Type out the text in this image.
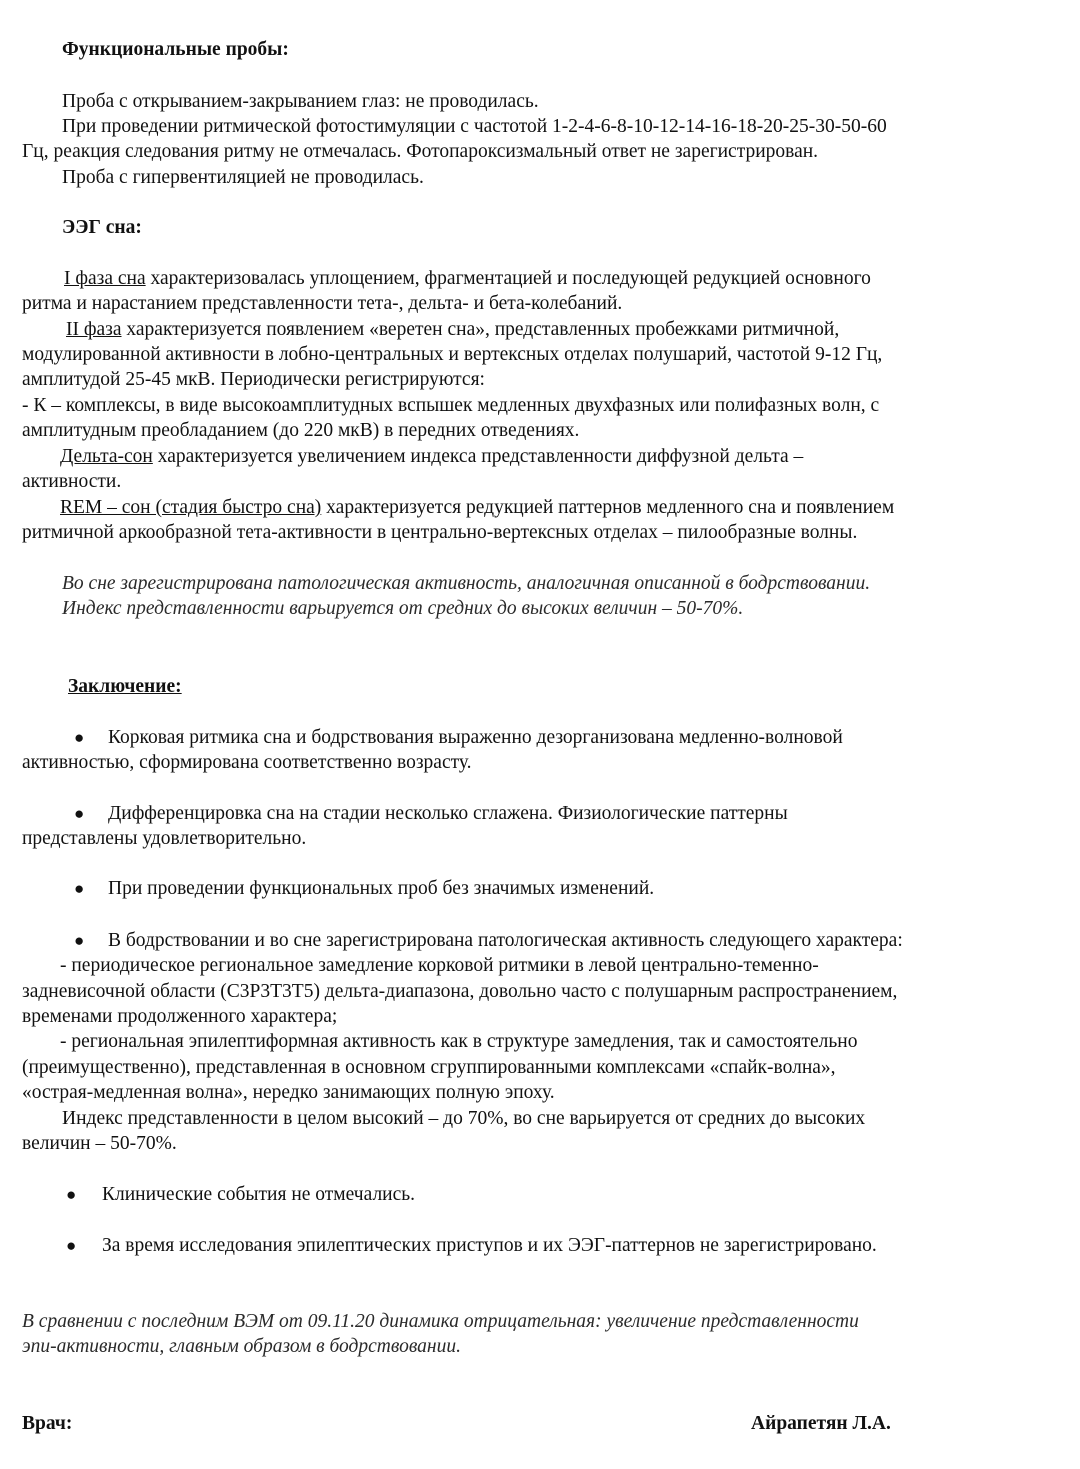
Функциональные пробы:
Проба с открыванием-закрыванием глаз: не проводилась.
При проведении ритмической фотостимуляции с частотой 1-2-4-6-8-10-12-14-16-18-20-25-30-50-60
Гц, реакция следования ритму не отмечалась. Фотопароксизмальный ответ не зарегистрирован.
Проба с гипервентиляцией не проводилась.
ЭЭГ сна:
I фаза сна характеризовалась уплощением, фрагментацией и последующей редукцией основного
ритма и нарастанием представленности тета-, дельта- и бета-колебаний.
II фаза характеризуется появлением «веретен сна», представленных пробежками ритмичной,
модулированной активности в лобно-центральных и вертексных отделах полушарий, частотой 9-12 Гц,
амплитудой 25-45 мкВ. Периодически регистрируются:
- К – комплексы, в виде высокоамплитудных вспышек медленных двухфазных или полифазных волн, с
амплитудным преобладанием (до 220 мкВ) в передних отведениях.
Дельта-сон характеризуется увеличением индекса представленности диффузной дельта –
активности.
REM – сон (стадия быстро сна) характеризуется редукцией паттернов медленного сна и появлением
ритмичной аркообразной тета-активности в центрально-вертексных отделах – пилообразные волны.
Во сне зарегистрирована патологическая активность, аналогичная описанной в бодрствовании.
Индекс представленности варьируется от средних до высоких величин – 50-70%.
Заключение:
● Корковая ритмика сна и бодрствования выраженно дезорганизована медленно-волновой
активностью, сформирована соответственно возрасту.
● Дифференцировка сна на стадии несколько сглажена. Физиологические паттерны
представлены удовлетворительно.
● При проведении функциональных проб без значимых изменений.
● В бодрствовании и во сне зарегистрирована патологическая активность следующего характера:
- периодическое региональное замедление корковой ритмики в левой центрально-теменно-
задневисочной области (С3Р3Т3Т5) дельта-диапазона, довольно часто с полушарным распространением,
временами продолженного характера;
- региональная эпилептиформная активность как в структуре замедления, так и самостоятельно
(преимущественно), представленная в основном сгруппированными комплексами «спайк-волна»,
«острая-медленная волна», нередко занимающих полную эпоху.
Индекс представленности в целом высокий – до 70%, во сне варьируется от средних до высоких
величин – 50-70%.
● Клинические события не отмечались.
● За время исследования эпилептических приступов и их ЭЭГ-паттернов не зарегистрировано.
В сравнении с последним ВЭМ от 09.11.20 динамика отрицательная: увеличение представленности
эпи-активности, главным образом в бодрствовании.
Врач:	Айрапетян Л.А.
